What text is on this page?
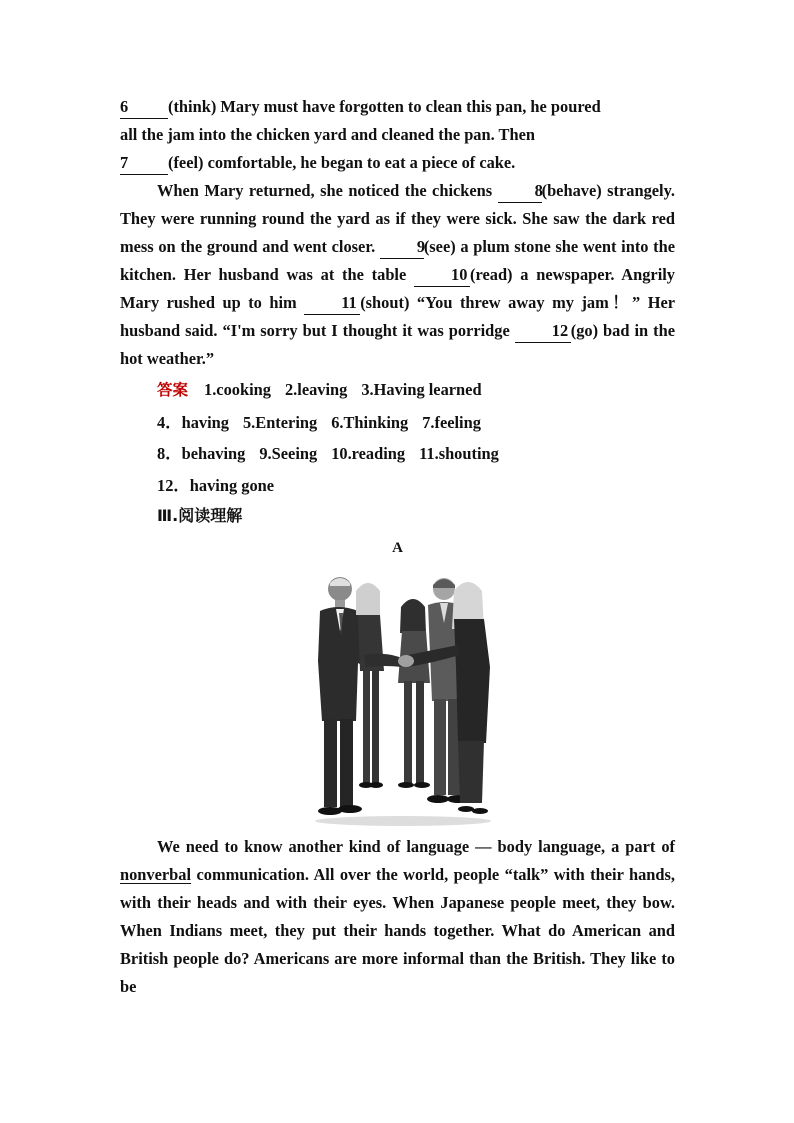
6 (think) Mary must have forgotten to clean this pan, he poured

all the jam into the chicken yard and cleaned the pan. Then

7 (feel) comfortable, he began to eat a piece of cake.

When Mary returned, she noticed the chickens 8(behave) strangely. They were running round the yard as if they were sick. She saw the dark red mess on the ground and went closer. 9(see) a plum stone she went into the kitchen. Her husband was at the table 10 (read) a newspaper. Angrily Mary rushed up to him 11 (shout) “You threw away my jam！” Her husband said. “I'm sorry but I thought it was porridge 12 (go) bad in the hot weather.”

答案 1.cooking 2.leaving 3.Having learned

4．having 5.Entering 6.Thinking 7.feeling

8．behaving 9.Seeing 10.reading 11.shouting

12．having gone

Ⅲ.阅读理解

A

We need to know another kind of language — body language, a part of nonverbal communication. All over the world, people “talk” with their hands, with their heads and with their eyes. When Japanese people meet, they bow. When Indians meet, they put their hands together. What do American and British people do? Americans are more informal than the British. They like to be
